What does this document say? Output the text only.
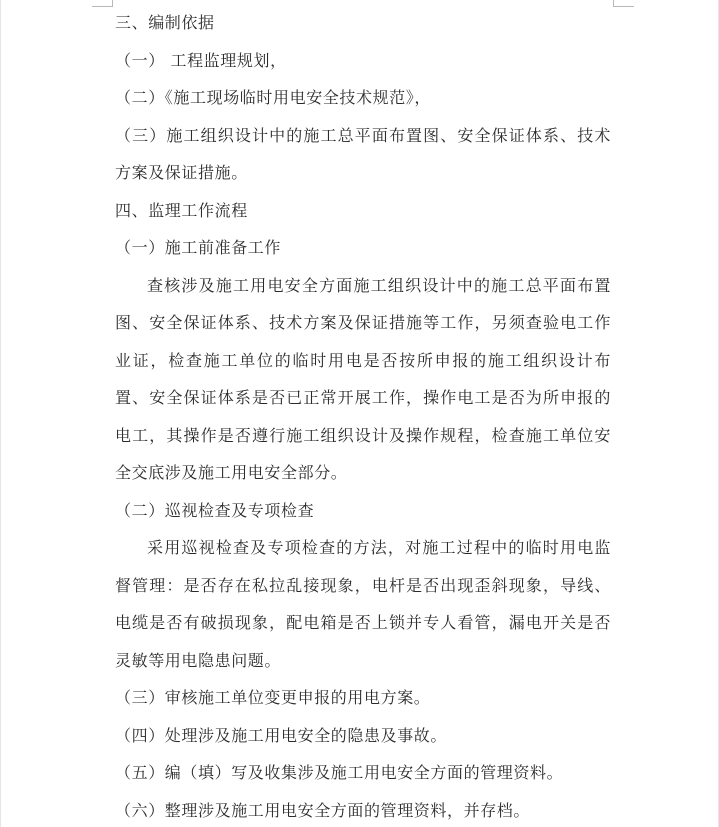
三、编制依据

（一） 工程监理规划，

（二）《施工现场临时用电安全技术规范》，

（三）施工组织设计中的施工总平面布置图、安全保证体系、技术方案及保证措施。

四、监理工作流程

（一）施工前准备工作

查核涉及施工用电安全方面施工组织设计中的施工总平面布置图、安全保证体系、技术方案及保证措施等工作，另须查验电工作业证，检查施工单位的临时用电是否按所申报的施工组织设计布置、安全保证体系是否已正常开展工作，操作电工是否为所申报的电工，其操作是否遵行施工组织设计及操作规程，检查施工单位安全交底涉及施工用电安全部分。

（二）巡视检查及专项检查

采用巡视检查及专项检查的方法，对施工过程中的临时用电监督管理：是否存在私拉乱接现象，电杆是否出现歪斜现象，导线、电缆是否有破损现象，配电箱是否上锁并专人看管，漏电开关是否灵敏等用电隐患问题。

（三）审核施工单位变更申报的用电方案。

（四）处理涉及施工用电安全的隐患及事故。

（五）编（填）写及收集涉及施工用电安全方面的管理资料。

（六）整理涉及施工用电安全方面的管理资料，并存档。
